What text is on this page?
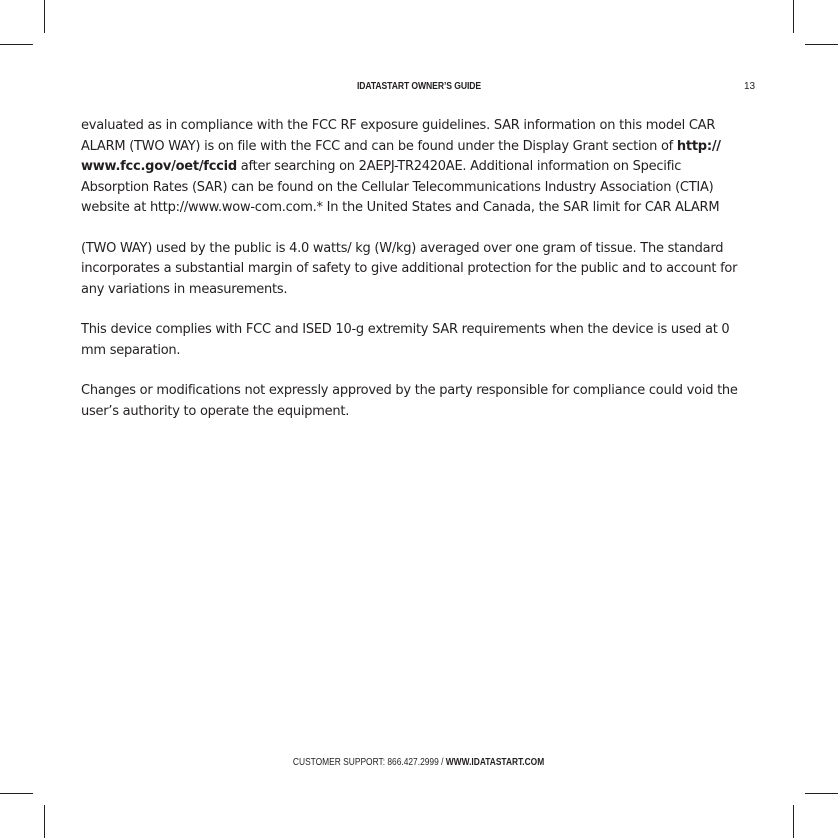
IDATASTART OWNER’S GUIDE	13

evaluated as in compliance with the FCC RF exposure guidelines. SAR information on this model CAR
ALARM (TWO WAY) is on file with the FCC and can be found under the Display Grant section of http://
www.fcc.gov/oet/fccid after searching on 2AEPJ-TR2420AE. Additional information on Specific
Absorption Rates (SAR) can be found on the Cellular Telecommunications Industry Association (CTIA)
website at http://www.wow-com.com.* In the United States and Canada, the SAR limit for CAR ALARM

(TWO WAY) used by the public is 4.0 watts/ kg (W/kg) averaged over one gram of tissue. The standard
incorporates a substantial margin of safety to give additional protection for the public and to account for
any variations in measurements.

This device complies with FCC and ISED 10-g extremity SAR requirements when the device is used at 0
mm separation.

Changes or modifications not expressly approved by the party responsible for compliance could void the
user’s authority to operate the equipment.

CUSTOMER SUPPORT: 866.427.2999 / WWW.IDATASTART.COM
